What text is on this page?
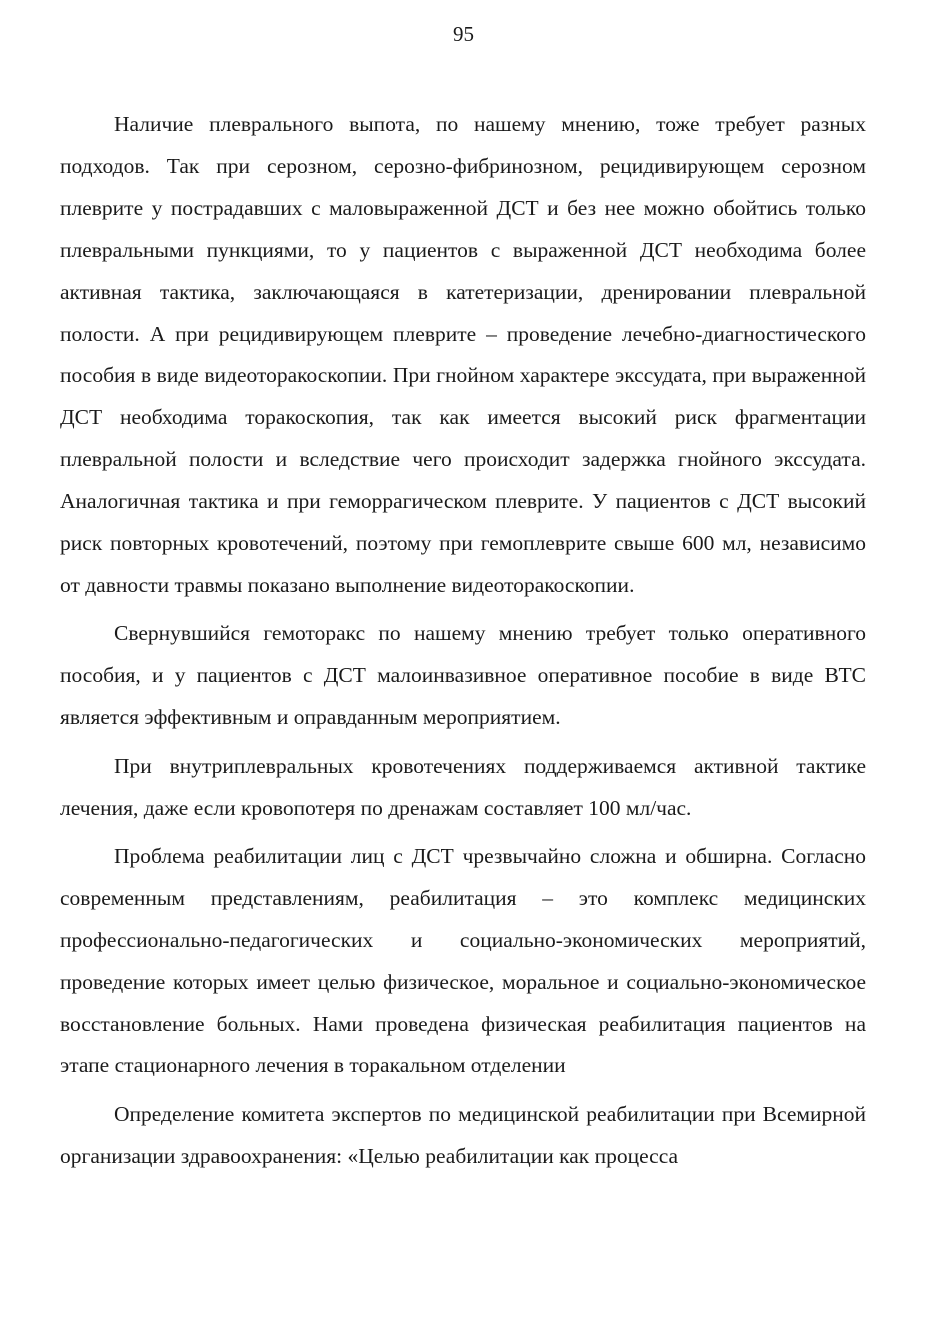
95

Наличие плеврального выпота, по нашему мнению, тоже требует разных подходов. Так при серозном, серозно-фибринозном, рецидивирующем серозном плеврите у пострадавших с маловыраженной ДСТ и без нее можно обойтись только плевральными пункциями, то у пациентов с выраженной ДСТ необходима более активная тактика, заключающаяся в катетеризации, дренировании плевральной полости. А при рецидивирующем плеврите – проведение лечебно-диагностического пособия в виде видеоторакоскопии. При гнойном характере экссудата, при выраженной ДСТ необходима торакоскопия, так как имеется высокий риск фрагментации плевральной полости и вследствие чего происходит задержка гнойного экссудата. Аналогичная тактика и при геморрагическом плеврите. У пациентов с ДСТ высокий риск повторных кровотечений, поэтому при гемоплеврите свыше 600 мл, независимо от давности травмы показано выполнение видеоторакоскопии.

Свернувшийся гемоторакс по нашему мнению требует только оперативного пособия, и у пациентов с ДСТ малоинвазивное оперативное пособие в виде ВТС является эффективным и оправданным мероприятием.

При внутриплевральных кровотечениях поддерживаемся активной тактике лечения, даже если кровопотеря по дренажам составляет 100 мл/час.

Проблема реабилитации лиц с ДСТ чрезвычайно сложна и обширна. Согласно современным представлениям, реабилитация – это комплекс медицинских профессионально-педагогических и социально-экономических мероприятий, проведение которых имеет целью физическое, моральное и социально-экономическое восстановление больных. Нами проведена физическая реабилитация пациентов на этапе стационарного лечения в торакальном отделении

Определение комитета экспертов по медицинской реабилитации при Всемирной организации здравоохранения: «Целью реабилитации как процесса
